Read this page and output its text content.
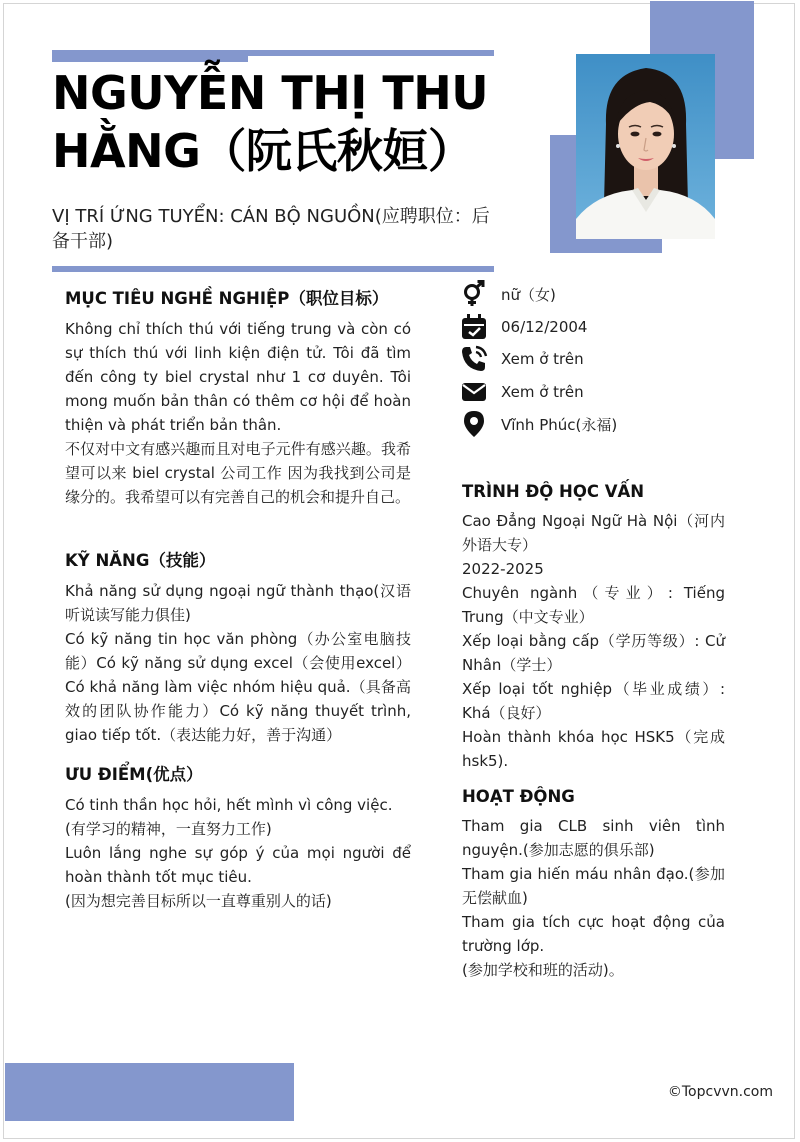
NGUYỄN THỊ THU HẰNG（阮氏秋姮）
VỊ TRÍ ỨNG TUYỂN: CÁN BỘ NGUỒN(应聘职位：后备干部)
MỤC TIÊU NGHỀ NGHIỆP（职位目标）

Không chỉ thích thú với tiếng trung và còn có sự thích thú với linh kiện điện tử. Tôi đã tìm đến công ty biel crystal như 1 cơ duyên. Tôi mong muốn bản thân có thêm cơ hội để hoàn thiện và phát triển bản thân.

不仅对中文有感兴趣而且对电子元件有感兴趣。我希望可以来 biel crystal 公司工作 因为我找到公司是缘分的。我希望可以有完善自己的机会和提升自己。

KỸ NĂNG（技能）

Khả năng sử dụng ngoại ngữ thành thạo(汉语听说读写能力俱佳)

Có kỹ năng tin học văn phòng（办公室电脑技能）Có kỹ năng sử dụng excel（会使用excel）Có khả năng làm việc nhóm hiệu quả.（具备高效的团队协作能力）Có kỹ năng thuyết trình, giao tiếp tốt.（表达能力好，善于沟通）

ƯU ĐIỂM(优点）

Có tinh thần học hỏi, hết mình vì công việc.

(有学习的精神，一直努力工作)

Luôn lắng nghe sự góp ý của mọi người để hoàn thành tốt mục tiêu.

(因为想完善目标所以一直尊重别人的话)

nữ（女)
06/12/2004
Xem ở trên
Xem ở trên
Vĩnh Phúc(永福)
TRÌNH ĐỘ HỌC VẤN

Cao Đẳng Ngoại Ngữ Hà Nội（河内外语大专）

2022-2025

Chuyên ngành（专业）: Tiếng Trung（中文专业）

Xếp loại bằng cấp（学历等级）: Cử Nhân（学士）

Xếp loại tốt nghiệp（毕业成绩）: Khá（良好）

Hoàn thành khóa học HSK5（完成hsk5).

HOẠT ĐỘNG

Tham gia CLB sinh viên tình nguyện.(参加志愿的俱乐部)

Tham gia hiến máu nhân đạo.(参加无偿献血)

Tham gia tích cực hoạt động của trường lớp.

(参加学校和班的活动)。

©Topcvvn.com
